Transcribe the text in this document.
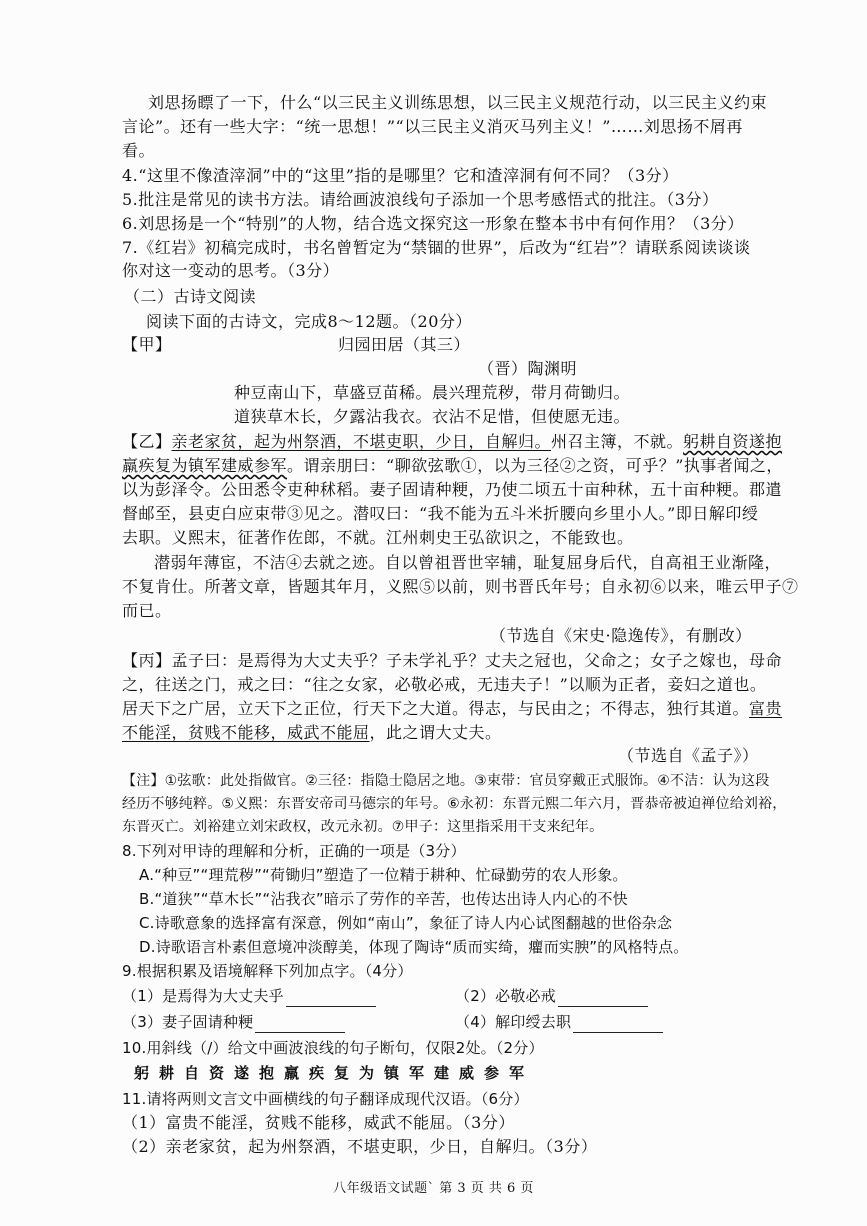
刘思扬瞟了一下，什么“以三民主义训练思想，以三民主义规范行动，以三民主义约束
言论”。还有一些大字：“统一思想！”“以三民主义消灭马列主义！”……刘思扬不屑再
看。
4.“这里不像渣滓洞”中的“这里”指的是哪里？它和渣滓洞有何不同？（3分）
5.批注是常见的读书方法。请给画波浪线句子添加一个思考感悟式的批注。（3分）
6.刘思扬是一个“特别”的人物，结合选文探究这一形象在整本书中有何作用？（3分）
7.《红岩》初稿完成时，书名曾暂定为“禁锢的世界”，后改为“红岩”？请联系阅读谈谈
你对这一变动的思考。（3分）
（二）古诗文阅读
阅读下面的古诗文，完成8～12题。（20分）
【甲】	归园田居（其三）
（晋）陶渊明
种豆南山下，草盛豆苗稀。晨兴理荒秽，带月荷锄归。
道狭草木长，夕露沾我衣。衣沾不足惜，但使愿无违。
【乙】亲老家贫，起为州祭酒，不堪吏职，少日，自解归。州召主簿，不就。躬耕自资遂抱
羸疾复为镇军建威参军。谓亲朋曰：“聊欲弦歌①，以为三径②之资，可乎？”执事者闻之，
以为彭泽令。公田悉令吏种秫稻。妻子固请种粳，乃使二顷五十亩种秫，五十亩种粳。郡遣
督邮至，县吏白应束带③见之。潜叹曰：“我不能为五斗米折腰向乡里小人。”即日解印绶
去职。义熙末，征著作佐郎，不就。江州刺史王弘欲识之，不能致也。
潜弱年薄宦，不洁④去就之迹。自以曾祖晋世宰辅，耻复屈身后代，自高祖王业渐隆，
不复肯仕。所著文章，皆题其年月，义熙⑤以前，则书晋氏年号；自永初⑥以来，唯云甲子⑦
而已。
（节选自《宋史·隐逸传》，有删改）
【丙】孟子曰：是焉得为大丈夫乎？子未学礼乎？丈夫之冠也，父命之；女子之嫁也，母命
之，往送之门，戒之曰：“往之女家，必敬必戒，无违夫子！”以顺为正者，妾妇之道也。
居天下之广居，立天下之正位，行天下之大道。得志，与民由之；不得志，独行其道。富贵
不能淫，贫贱不能移，威武不能屈，此之谓大丈夫。
（节选自《孟子》）
【注】①弦歌：此处指做官。②三径：指隐士隐居之地。③束带：官员穿戴正式服饰。④不洁：认为这段
经历不够纯粹。⑤义熙：东晋安帝司马德宗的年号。⑥永初：东晋元熙二年六月，晋恭帝被迫禅位给刘裕，
东晋灭亡。刘裕建立刘宋政权，改元永初。⑦甲子：这里指采用干支来纪年。
8.下列对甲诗的理解和分析，正确的一项是（3分）
A.“种豆”“理荒秽”“荷锄归”塑造了一位精于耕种、忙碌勤劳的农人形象。
B.“道狭”“草木长”“沾我衣”暗示了劳作的辛苦，也传达出诗人内心的不快
C.诗歌意象的选择富有深意，例如“南山”，象征了诗人内心试图翻越的世俗杂念
D.诗歌语言朴素但意境冲淡醇美，体现了陶诗“质而实绮，癯而实腴”的风格特点。
9.根据积累及语境解释下列加点字。（4分）
（1）是焉得为大丈夫乎	（2）必敬必戒
（3）妻子固请种粳	（4）解印绶去职
10.用斜线（/）给文中画波浪线的句子断句，仅限2处。（2分）
躬耕自资遂抱羸疾复为镇军建威参军
11.请将两则文言文中画横线的句子翻译成现代汉语。（6分）
（1）富贵不能淫，贫贱不能移，威武不能屈。（3分）
（2）亲老家贫，起为州祭酒，不堪吏职，少日，自解归。（3分）
八年级语文试题` 第 3 页 共 6 页
